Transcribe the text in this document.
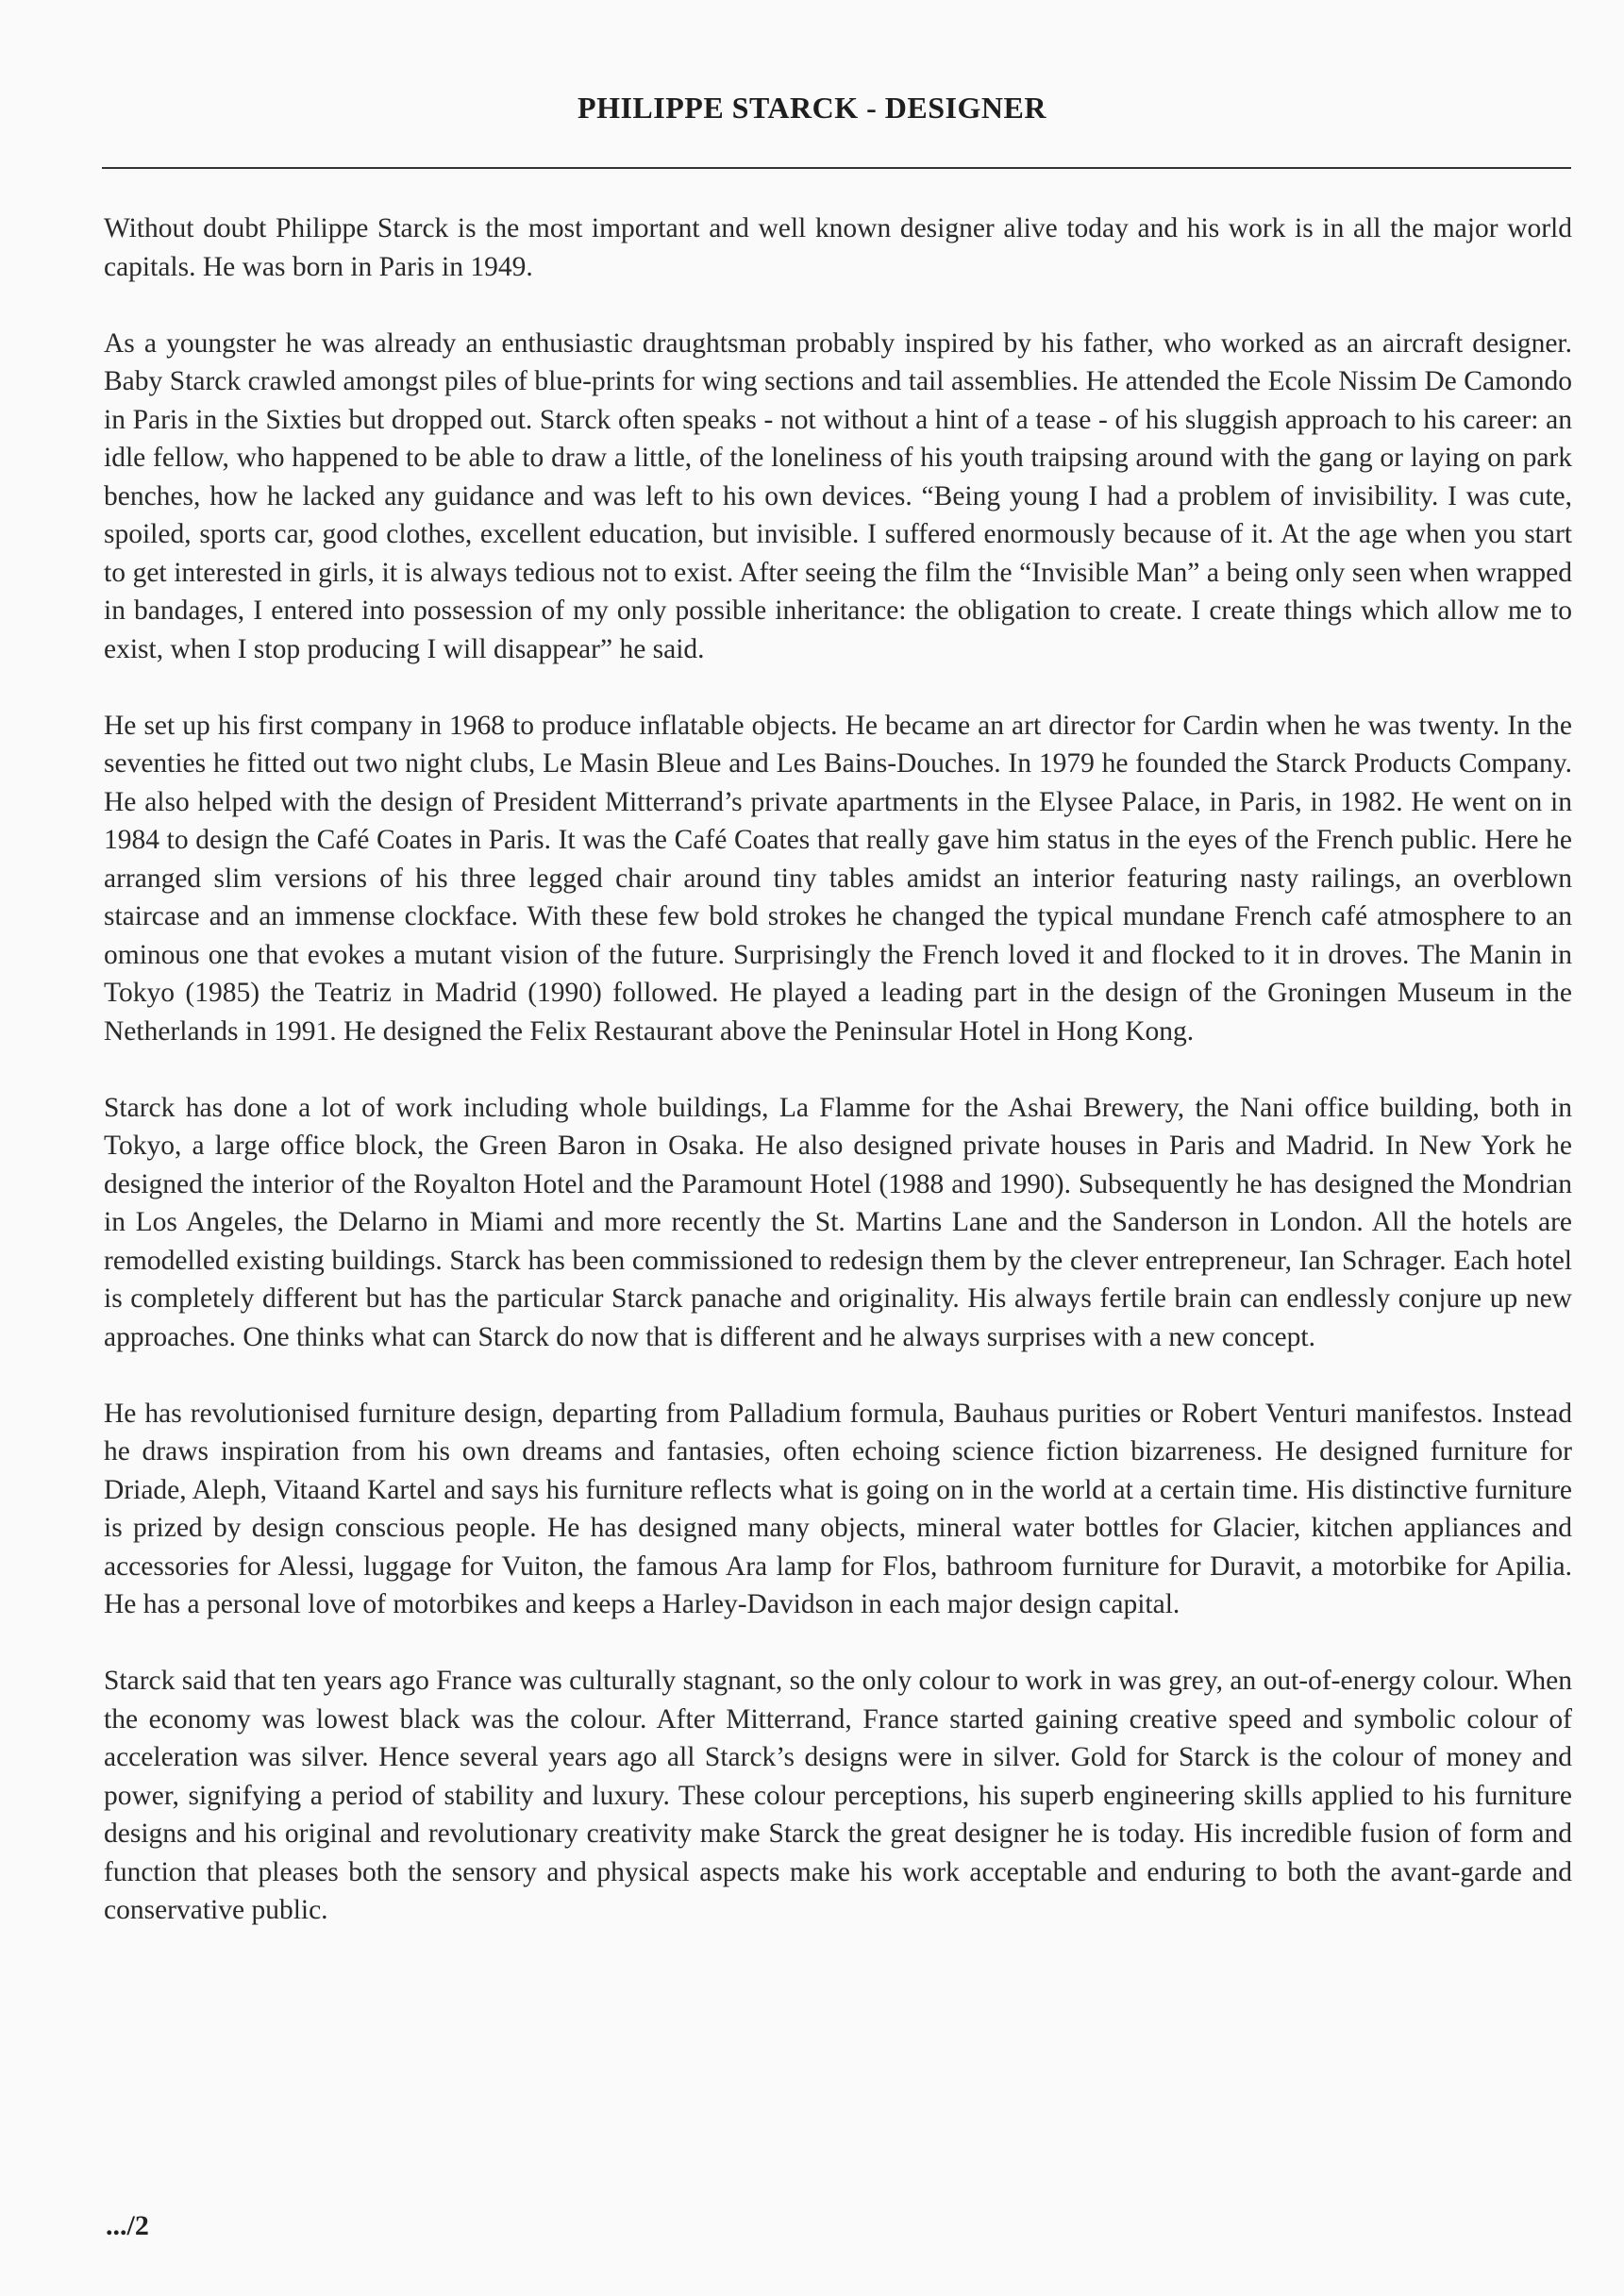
PHILIPPE STARCK - DESIGNER

Without doubt Philippe Starck is the most important and well known designer alive today and his work is in all the major world capitals. He was born in Paris in 1949.

As a youngster he was already an enthusiastic draughtsman probably inspired by his father, who worked as an aircraft designer. Baby Starck crawled amongst piles of blue-prints for wing sections and tail assemblies. He attended the Ecole Nissim De Camondo in Paris in the Sixties but dropped out. Starck often speaks - not without a hint of a tease - of his sluggish approach to his career: an idle fellow, who happened to be able to draw a little, of the loneliness of his youth traipsing around with the gang or laying on park benches, how he lacked any guidance and was left to his own devices. “Being young I had a problem of invisibility. I was cute, spoiled, sports car, good clothes, excellent education, but invisible. I suffered enormously because of it. At the age when you start to get interested in girls, it is always tedious not to exist. After seeing the film the “Invisible Man” a being only seen when wrapped in bandages, I entered into possession of my only possible inheritance: the obligation to create. I create things which allow me to exist, when I stop producing I will disappear” he said.

He set up his first company in 1968 to produce inflatable objects. He became an art director for Cardin when he was twenty. In the seventies he fitted out two night clubs, Le Masin Bleue and Les Bains-Douches. In 1979 he founded the Starck Products Company. He also helped with the design of President Mitterrand’s private apartments in the Elysee Palace, in Paris, in 1982. He went on in 1984 to design the Café Coates in Paris. It was the Café Coates that really gave him status in the eyes of the French public. Here he arranged slim versions of his three legged chair around tiny tables amidst an interior featuring nasty railings, an overblown staircase and an immense clockface. With these few bold strokes he changed the typical mundane French café atmosphere to an ominous one that evokes a mutant vision of the future. Surprisingly the French loved it and flocked to it in droves. The Manin in Tokyo (1985) the Teatriz in Madrid (1990) followed. He played a leading part in the design of the Groningen Museum in the Netherlands in 1991. He designed the Felix Restaurant above the Peninsular Hotel in Hong Kong.

Starck has done a lot of work including whole buildings, La Flamme for the Ashai Brewery, the Nani office building, both in Tokyo, a large office block, the Green Baron in Osaka. He also designed private houses in Paris and Madrid. In New York he designed the interior of the Royalton Hotel and the Paramount Hotel (1988 and 1990). Subsequently he has designed the Mondrian in Los Angeles, the Delarno in Miami and more recently the St. Martins Lane and the Sanderson in London. All the hotels are remodelled existing buildings. Starck has been commissioned to redesign them by the clever entrepreneur, Ian Schrager. Each hotel is completely different but has the particular Starck panache and originality. His always fertile brain can endlessly conjure up new approaches. One thinks what can Starck do now that is different and he always surprises with a new concept.

He has revolutionised furniture design, departing from Palladium formula, Bauhaus purities or Robert Venturi manifestos. Instead he draws inspiration from his own dreams and fantasies, often echoing science fiction bizarreness. He designed furniture for Driade, Aleph, Vitaand Kartel and says his furniture reflects what is going on in the world at a certain time. His distinctive furniture is prized by design conscious people. He has designed many objects, mineral water bottles for Glacier, kitchen appliances and accessories for Alessi, luggage for Vuiton, the famous Ara lamp for Flos, bathroom furniture for Duravit, a motorbike for Apilia. He has a personal love of motorbikes and keeps a Harley-Davidson in each major design capital.

Starck said that ten years ago France was culturally stagnant, so the only colour to work in was grey, an out-of-energy colour. When the economy was lowest black was the colour. After Mitterrand, France started gaining creative speed and symbolic colour of acceleration was silver. Hence several years ago all Starck’s designs were in silver. Gold for Starck is the colour of money and power, signifying a period of stability and luxury. These colour perceptions, his superb engineering skills applied to his furniture designs and his original and revolutionary creativity make Starck the great designer he is today. His incredible fusion of form and function that pleases both the sensory and physical aspects make his work acceptable and enduring to both the avant-garde and conservative public.

.../2
